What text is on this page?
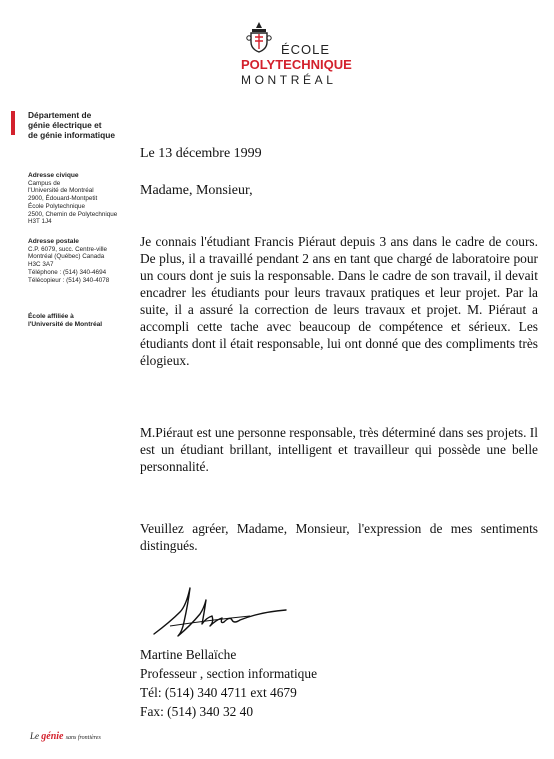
ÉCOLE
POLYTECHNIQUE
MONTRÉAL
Département de
génie électrique et
de génie informatique
Adresse civique
Campus de
l'Université de Montréal
2900, Édouard-Montpetit
École Polytechnique
2500, Chemin de Polytechnique
H3T 1J4
Adresse postale
C.P. 6079, succ. Centre-ville
Montréal (Québec) Canada
H3C 3A7
Téléphone : (514) 340-4694
Télécopieur : (514) 340-4078
École affiliée à
l'Université de Montréal
Le 13 décembre 1999
Madame, Monsieur,
Je connais l'étudiant Francis Piéraut depuis 3 ans dans le cadre de cours. De plus, il a travaillé pendant 2 ans en tant que chargé de laboratoire pour un cours dont je suis la responsable. Dans le cadre de son travail, il devait encadrer les étudiants pour leurs travaux pratiques et leur projet. Par la suite, il a assuré la correction de leurs travaux et projet. M. Piéraut a accompli cette tache avec beaucoup de compétence et sérieux. Les étudiants dont il était responsable, lui ont donné que des compliments très élogieux.
M.Piéraut est une personne responsable, très déterminé dans ses projets. Il est un étudiant brillant, intelligent et travailleur qui possède une belle personnalité.
Veuillez agréer, Madame, Monsieur, l'expression de mes sentiments distingués.
Martine Bellaïche
Professeur , section informatique
Tél: (514) 340 4711 ext 4679
Fax: (514) 340 32 40
Le génie sans frontières
